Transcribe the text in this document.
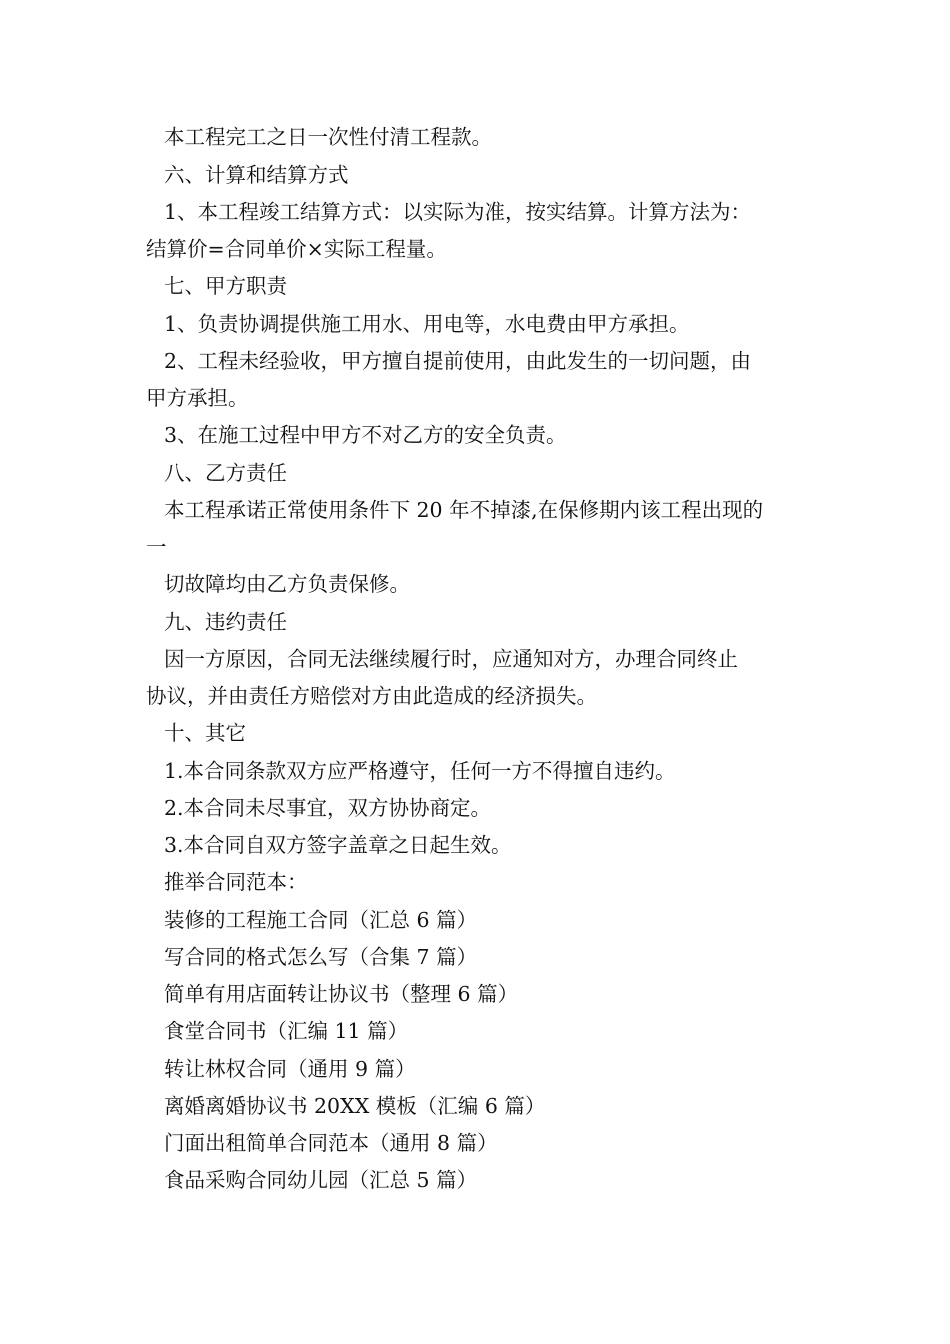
本工程完工之日一次性付清工程款。
六、计算和结算方式
1、本工程竣工结算方式：以实际为准，按实结算。计算方法为：
结算价=合同单价×实际工程量。
七、甲方职责
1、负责协调提供施工用水、用电等，水电费由甲方承担。
2、工程未经验收，甲方擅自提前使用，由此发生的一切问题，由
甲方承担。
3、在施工过程中甲方不对乙方的安全负责。
八、乙方责任
本工程承诺正常使用条件下 20 年不掉漆,在保修期内该工程出现的
一
切故障均由乙方负责保修。
九、违约责任
因一方原因，合同无法继续履行时，应通知对方，办理合同终止
协议，并由责任方赔偿对方由此造成的经济损失。
十、其它
1.本合同条款双方应严格遵守，任何一方不得擅自违约。
2.本合同未尽事宜，双方协协商定。
3.本合同自双方签字盖章之日起生效。
推举合同范本：
装修的工程施工合同（汇总 6 篇）
写合同的格式怎么写（合集 7 篇）
简单有用店面转让协议书（整理 6 篇）
食堂合同书（汇编 11 篇）
转让林权合同（通用 9 篇）
离婚离婚协议书 20XX 模板（汇编 6 篇）
门面出租简单合同范本（通用 8 篇）
食品采购合同幼儿园（汇总 5 篇）
